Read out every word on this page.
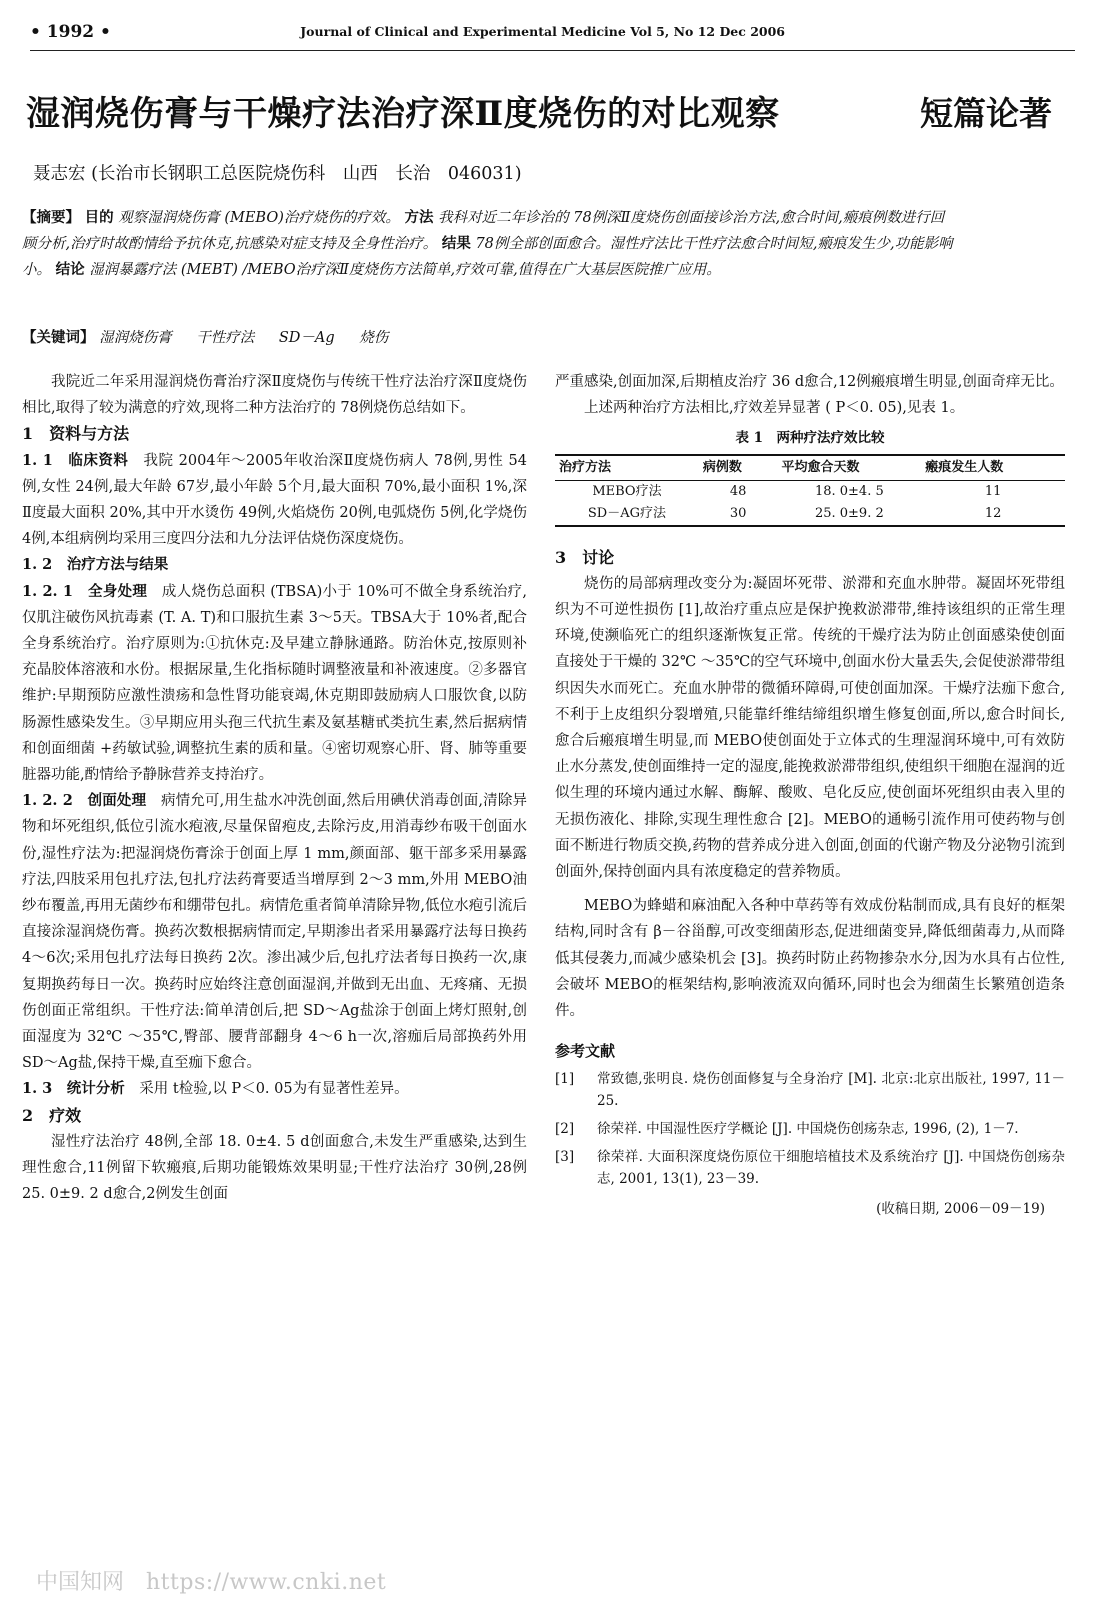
• 1992 •	Journal of Clinical and Experimental Medicine Vol 5, No 12 Dec 2006
湿润烧伤膏与干燥疗法治疗深Ⅱ度烧伤的对比观察	短篇论著
聂志宏 (长治市长钢职工总医院烧伤科　山西　长治　046031)
【摘要】 目的 观察湿润烧伤膏 (MEBO)治疗烧伤的疗效。 方法 我科对近二年诊治的 78例深Ⅱ度烧伤创面接诊治方法,愈合时间,瘢痕例数进行回顾分析,治疗时故酌情给予抗休克,抗感染对症支持及全身性治疗。 结果 78例全部创面愈合。湿性疗法比干性疗法愈合时间短,瘢痕发生少,功能影响小。 结论 湿润暴露疗法 (MEBT) /MEBO治疗深Ⅱ度烧伤方法简单,疗效可靠,值得在广大基层医院推广应用。
【关键词】 湿润烧伤膏 干性疗法 SD－Ag 烧伤

我院近二年采用湿润烧伤膏治疗深Ⅱ度烧伤与传统干性疗法治疗深Ⅱ度烧伤相比,取得了较为满意的疗效,现将二种方法治疗的 78例烧伤总结如下。

1　资料与方法

1. 1　临床资料　 我院 2004年～2005年收治深Ⅱ度烧伤病人 78例,男性 54例,女性 24例,最大年龄 67岁,最小年龄 5个月,最大面积 70%,最小面积 1%,深Ⅱ度最大面积 20%,其中开水烫伤 49例,火焰烧伤 20例,电弧烧伤 5例,化学烧伤 4例,本组病例均采用三度四分法和九分法评估烧伤深度烧伤。

1. 2　治疗方法与结果

1. 2. 1　全身处理　 成人烧伤总面积 (TBSA)小于 10%可不做全身系统治疗,仅肌注破伤风抗毒素 (T. A. T)和口服抗生素 3～5天。TBSA大于 10%者,配合全身系统治疗。治疗原则为:①抗休克:及早建立静脉通路。防治休克,按原则补充晶胶体溶液和水份。根据尿量,生化指标随时调整液量和补液速度。②多器官维护:早期预防应激性溃疡和急性肾功能衰竭,休克期即鼓励病人口服饮食,以防肠源性感染发生。③早期应用头孢三代抗生素及氨基糖甙类抗生素,然后据病情和创面细菌 +药敏试验,调整抗生素的质和量。④密切观察心肝、肾、肺等重要脏器功能,酌情给予静脉营养支持治疗。

1. 2. 2　创面处理　 病情允可,用生盐水冲洗创面,然后用碘伏消毒创面,清除异物和坏死组织,低位引流水疱液,尽量保留疱皮,去除污皮,用消毒纱布吸干创面水份,湿性疗法为:把湿润烧伤膏涂于创面上厚 1 mm,颜面部、躯干部多采用暴露疗法,四肢采用包扎疗法,包扎疗法药膏要适当增厚到 2～3 mm,外用 MEBO油纱布覆盖,再用无菌纱布和绷带包扎。病情危重者简单清除异物,低位水疱引流后直接涂湿润烧伤膏。换药次数根据病情而定,早期渗出者采用暴露疗法每日换药 4～6次;采用包扎疗法每日换药 2次。渗出减少后,包扎疗法者每日换药一次,康复期换药每日一次。换药时应始终注意创面湿润,并做到无出血、无疼痛、无损伤创面正常组织。干性疗法:简单清创后,把 SD～Ag盐涂于创面上烤灯照射,创面湿度为 32℃ ～35℃,臀部、腰背部翻身 4～6 h一次,溶痂后局部换药外用 SD～Ag盐,保持干燥,直至痂下愈合。

1. 3　统计分析　 采用 t检验,以 P＜0. 05为有显著性差异。

2　疗效

湿性疗法治疗 48例,全部 18. 0±4. 5 d创面愈合,未发生严重感染,达到生理性愈合,11例留下软瘢痕,后期功能锻炼效果明显;干性疗法治疗 30例,28例 25. 0±9. 2 d愈合,2例发生创面

严重感染,创面加深,后期植皮治疗 36 d愈合,12例瘢痕增生明显,创面奇痒无比。

上述两种治疗方法相比,疗效差异显著 ( P＜0. 05),见表 1。

表 1　两种疗法疗效比较
治疗方法	病例数	平均愈合天数	瘢痕发生人数
MEBO疗法	48	18. 0±4. 5	11
SD－AG疗法	30	25. 0±9. 2	12
3　讨论

烧伤的局部病理改变分为:凝固坏死带、淤滞和充血水肿带。凝固坏死带组织为不可逆性损伤 [1],故治疗重点应是保护挽救淤滞带,维持该组织的正常生理环境,使濒临死亡的组织逐渐恢复正常。传统的干燥疗法为防止创面感染使创面直接处于干燥的 32℃ ～35℃的空气环境中,创面水份大量丢失,会促使淤滞带组织因失水而死亡。充血水肿带的微循环障碍,可使创面加深。干燥疗法痂下愈合,不利于上皮组织分裂增殖,只能靠纤维结缔组织增生修复创面,所以,愈合时间长,愈合后瘢痕增生明显,而 MEBO使创面处于立体式的生理湿润环境中,可有效防止水分蒸发,使创面维持一定的湿度,能挽救淤滞带组织,使组织干细胞在湿润的近似生理的环境内通过水解、酶解、酸败、皂化反应,使创面坏死组织由表入里的无损伤液化、排除,实现生理性愈合 [2]。MEBO的通畅引流作用可使药物与创面不断进行物质交换,药物的营养成分进入创面,创面的代谢产物及分泌物引流到创面外,保持创面内具有浓度稳定的营养物质。

MEBO为蜂蜡和麻油配入各种中草药等有效成份粘制而成,具有良好的框架结构,同时含有 β－谷甾醇,可改变细菌形态,促进细菌变异,降低细菌毒力,从而降低其侵袭力,而减少感染机会 [3]。换药时防止药物掺杂水分,因为水具有占位性,会破坏 MEBO的框架结构,影响液流双向循环,同时也会为细菌生长繁殖创造条件。

参考文献
[1] 常致德,张明良. 烧伤创面修复与全身治疗 [M]. 北京:北京出版社, 1997, 11－25.
[2] 徐荣祥. 中国湿性医疗学概论 [J]. 中国烧伤创疡杂志, 1996, (2), 1－7.
[3] 徐荣祥. 大面积深度烧伤原位干细胞培植技术及系统治疗 [J]. 中国烧伤创疡杂志, 2001, 13(1), 23－39.
(收稿日期, 2006－09－19)
中国知网 https://www.cnki.net
